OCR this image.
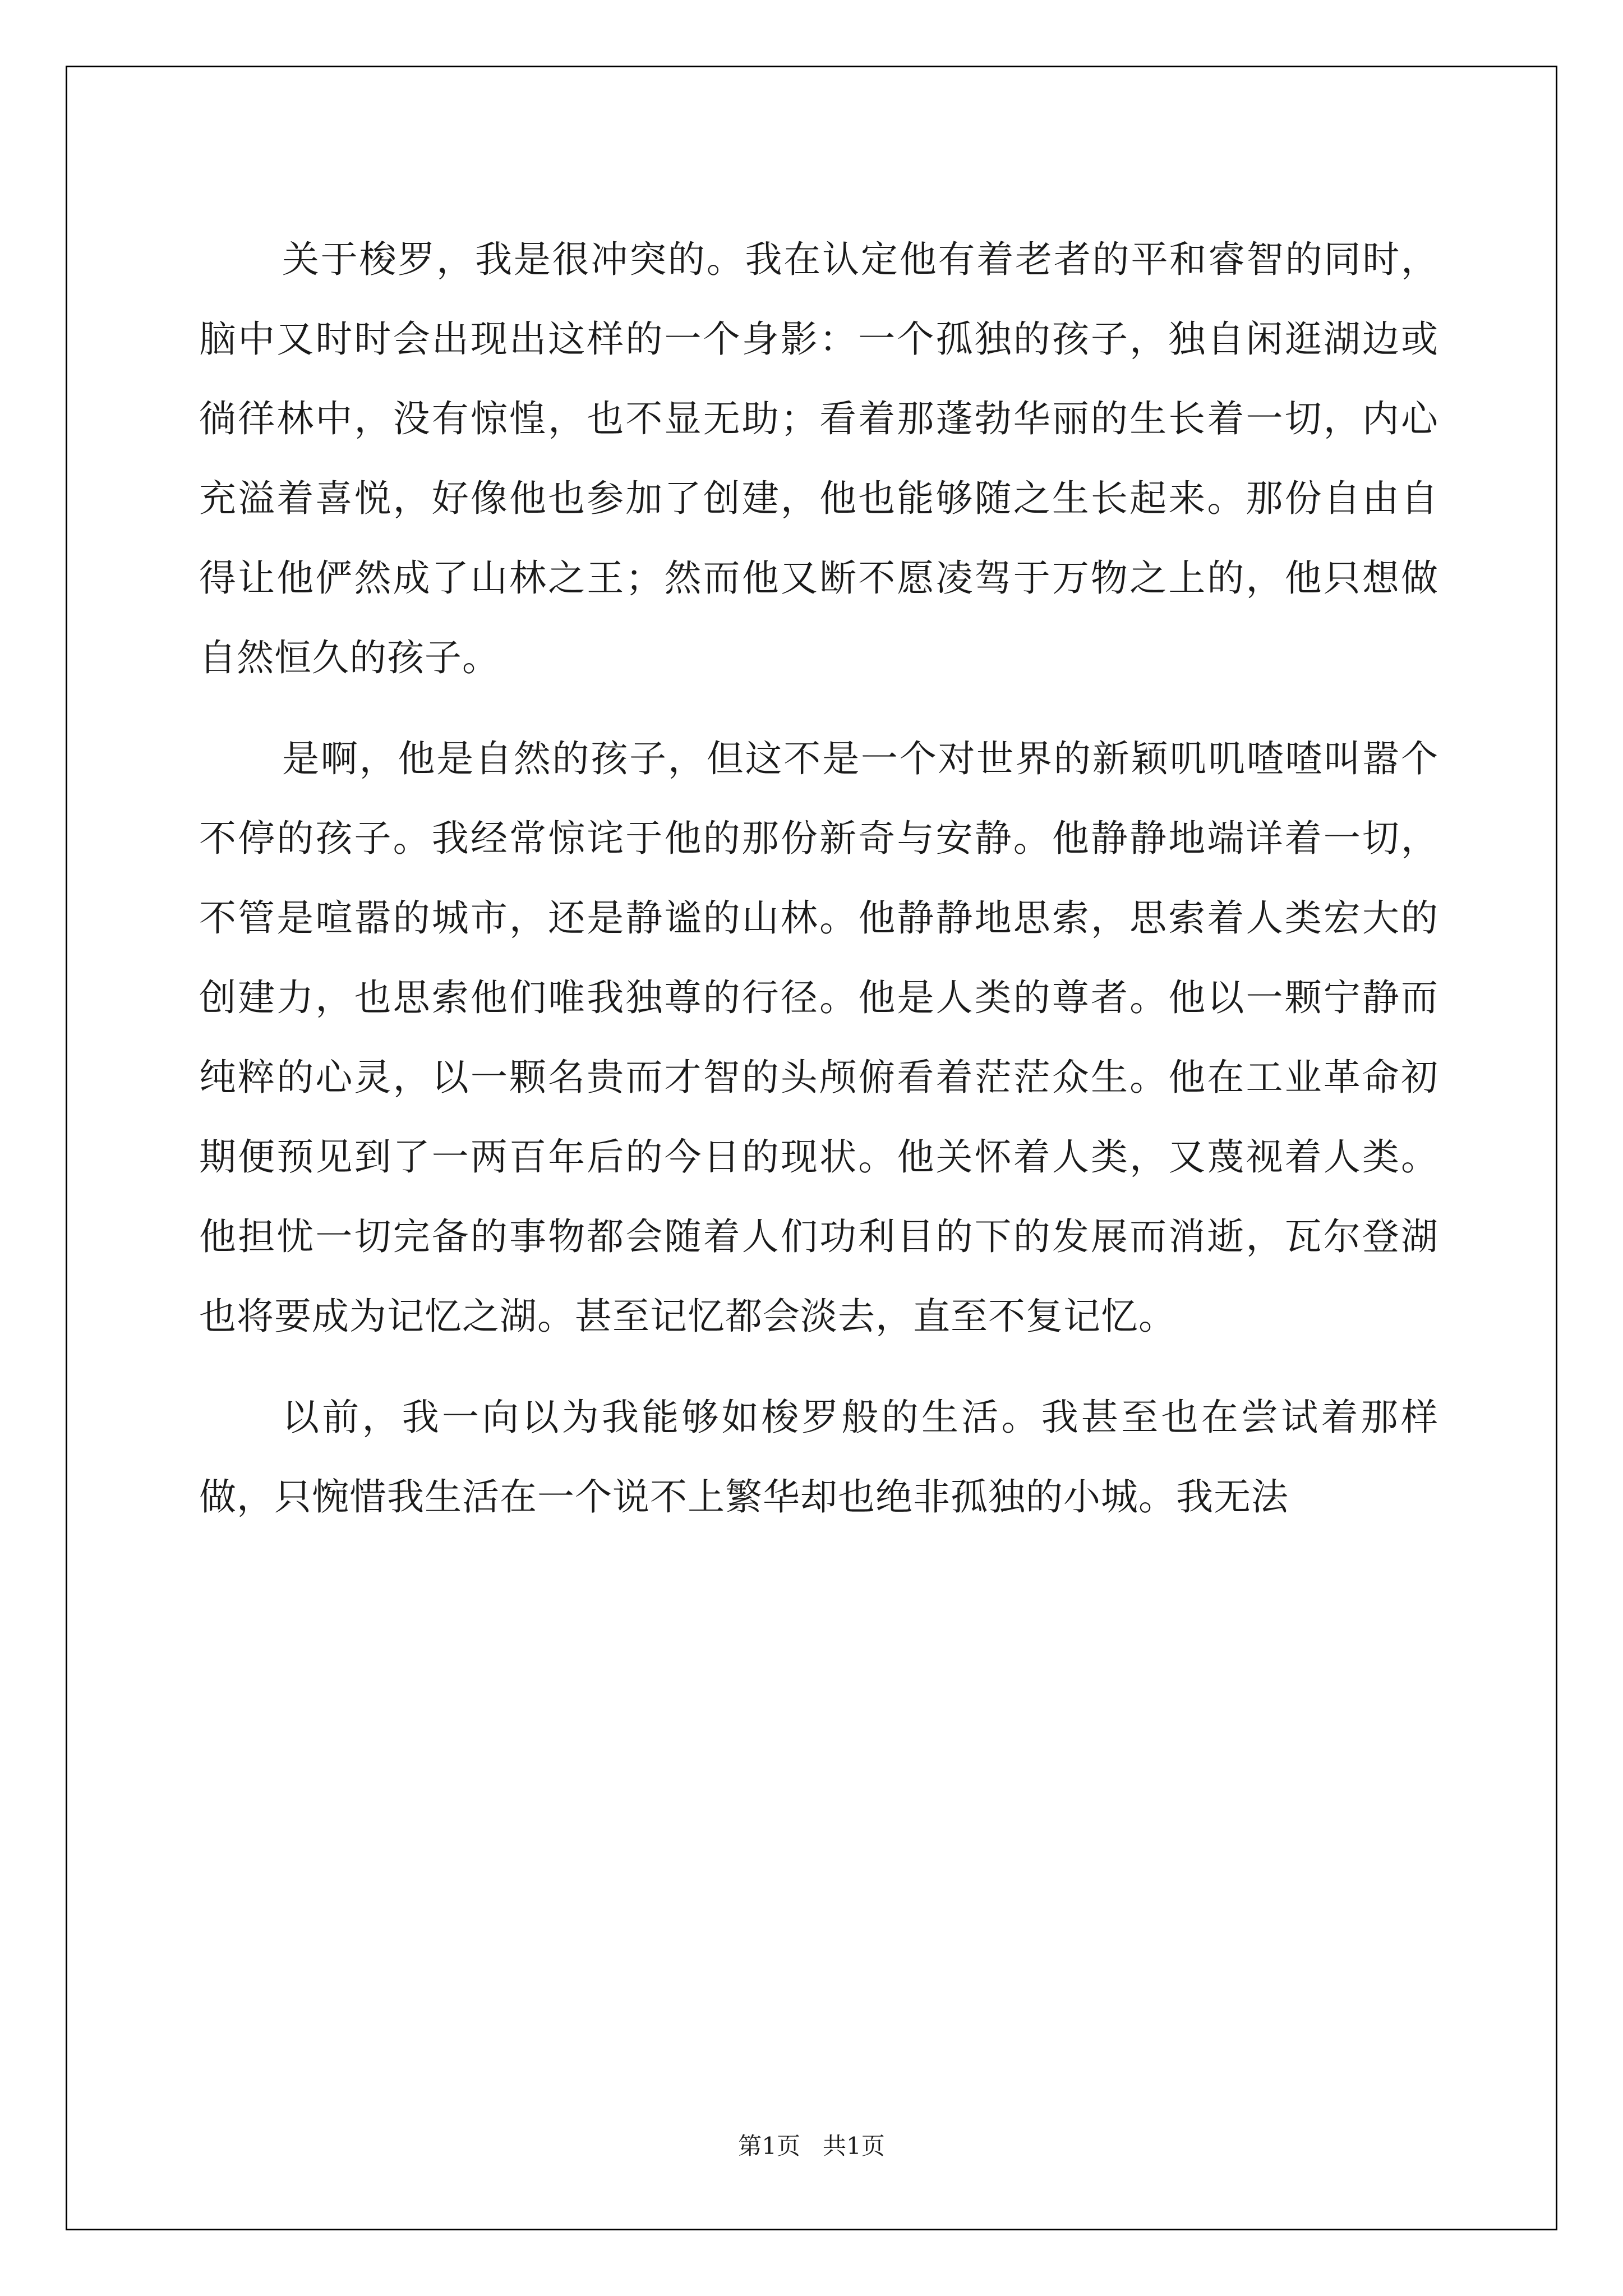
关于梭罗，我是很冲突的。我在认定他有着老者的平和睿智的同时，脑中又时时会出现出这样的一个身影：一个孤独的孩子，独自闲逛湖边或徜徉林中，没有惊惶，也不显无助；看着那蓬勃华丽的生长着一切，内心充溢着喜悦，好像他也参加了创建，他也能够随之生长起来。那份自由自得让他俨然成了山林之王；然而他又断不愿凌驾于万物之上的，他只想做自然恒久的孩子。

是啊，他是自然的孩子，但这不是一个对世界的新颖叽叽喳喳叫嚣个不停的孩子。我经常惊诧于他的那份新奇与安静。他静静地端详着一切，不管是喧嚣的城市，还是静谧的山林。他静静地思索，思索着人类宏大的创建力，也思索他们唯我独尊的行径。他是人类的尊者。他以一颗宁静而纯粹的心灵，以一颗名贵而才智的头颅俯看着茫茫众生。他在工业革命初期便预见到了一两百年后的今日的现状。他关怀着人类，又蔑视着人类。他担忧一切完备的事物都会随着人们功利目的下的发展而消逝，瓦尔登湖也将要成为记忆之湖。甚至记忆都会淡去，直至不复记忆。

以前，我一向以为我能够如梭罗般的生活。我甚至也在尝试着那样做，只惋惜我生活在一个说不上繁华却也绝非孤独的小城。我无法

第1页 共1页
